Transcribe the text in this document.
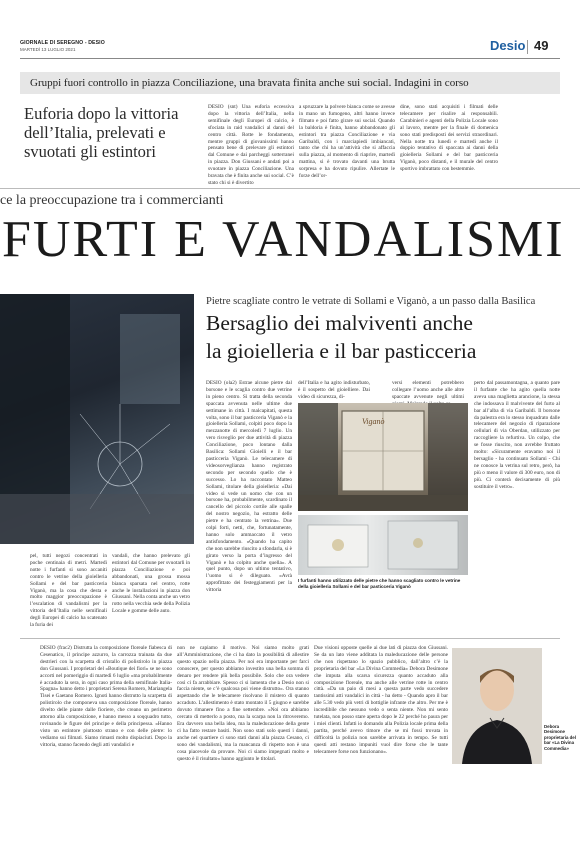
GIORNALE DI SEREGNO - DESIO
MARTEDÌ 13 LUGLIO 2021	Desio 49
Gruppi fuori controllo in piazza Conciliazione, una bravata finita anche sui social. Indagini in corso
Euforia dopo la vittoria dell’Italia, prelevati e svuotati gli estintori
DESIO (snt) Una euforia eccessiva dopo la vittoria dell’Italia, nella semifinale degli Europei di calcio, è sfociata in raid vandalici al danni del centro città. Rotte le fondamenta, mentre gruppi di giovanissimi hanno pensato bene di prelevare gli estintori dal Comune e dai parcheggi sotterranei in piazza. Don Giussani e andati poi a svuotare in piazza Conciliazione. Una bravata che è finita anche sui social. C’è stato chi si è divertito
a spruzzare la polvere bianca come se avesse in mano un fumogeno, altri hanno invece filmato e poi fatto girare sui social. Quando la baldoria è finita, hanno abbandonato gli estintori tra piazza Conciliazione e via Garibaldi, con i marciapiedi imbiancati, tanto che chi ha un’attività che si affaccia sulla piazza, al momento di riaprire, martedì mattina, si è trovato davanti una brutta sorpresa e ha dovuto ripulire. Allertate le forze dell’or-
dine, sono stati acquisiti i filmati delle telecamere per risalire ai responsabili. Carabinieri e agenti della Polizia Locale sono al lavoro, mentre per la finale di domenica sono stati predisposti dei servizi straordinari. Nella notte tra lunedì e martedì anche il doppio tentativo di spaccata ai danni della gioielleria Sollami e del bar pasticceria Viganò, poco distanti, e il murale del centro sportivo imbrattato con bestemmie.
ce la preoccupazione tra i commercianti
FURTI E VANDALISMI
pel, tutti negozi concentrati in poche centinaia di metri. Martedì notte i furfanti si sono accaniti contro le vetrine della gioielleria Sollami e del bar pasticceria Viganò, ma la cosa che desta e molto maggior preoccupazione è l’escalation di vandalismi per la vittoria dell’Italia nelle semifinali degli Europei di calcio ha scatenato la furia dei
vandali, che hanno prelevato gli estintori dal Comune per svuotarli in piazza Conciliazione e poi abbandonati, una grossa mossa bianca sparsata nel centro, rotte anche le installazioni in piazza don Giussani. Nella conta anche un vetro rotto nella vecchia sede della Polizia Locale e gomme delle auto.
Pietre scagliate contro le vetrate di Sollami e Viganò, a un passo dalla Basilica
Bersaglio dei malviventi anche
la gioielleria e il bar pasticceria
DESIO (ola2) Estrae alcune pietre dal borsone e le scaglia contro due vetrine in pieno centro. Si tratta della seconda spaccata avvenuta nelle ultime due settimane in città. I malcapitati, questa volta, sono il bar pasticceria Viganò e la gioielleria Sollami, colpiti poco dopo la mezzanotte di mercoledì 7 luglio. Un vero risveglio per due attività di piazza Conciliazione, poco lontano dalla Basilica: Sollami Gioielli e il bar pasticceria Viganò. Le telecamere di videosorveglianza hanno registrato secondo per secondo quello che è successo. Lo ha raccontato Matteo Sollami, titolare della gioielleria: «Dai video si vede un uomo che con un borsone ha, probabilmente, scardinato il cancello del piccolo cortile alle spalle del nostro negozio, ha estratto delle pietre e ha centrato la vetrina». Due colpi forti, netti, che, fortunatamente, hanno solo ammaccato il vetro antisfondamento. «Quando ha capito che non sarebbe riuscito a sfondarla, si è girato verso la porta d’ingresso del Viganò e ha colpito anche quella». A quel punto, dopo un ultimo tentativo, l’uomo si è dileguato. «Avrà approfittato dei festeggiamenti per la vittoria
dell’Italia e ha agito indisturbato, è il sospetto del gioielliere. Dai video di sicurezza, di-
versi elementi potrebbero collegare l’uomo anche alle altre spaccate avvenute negli ultimi
perto dal passamontagna, a quanto pare il furfante che ha agito quella notte aveva una maglietta arancione, la stessa che indossava il malvivente del furto al bar all’alba di via Garibaldi. Il borsone da palestra era lo stesso inquadrato dalle telecamere del negozio di riparazione cellulari di via Oberdan, utilizzato per raccogliere la refurtiva. Un colpo, che se fosse riuscito, non avrebbe fruttato molto: «Sicuramente eravamo noi il bersaglio - ha continuato Sollami - Chi ne conosce la vetrina sul retro, però, ha più o meno il valore di 300 euro, non di più. Ci conterà decisamente di più sostituire il vetro».
Viganò
I furfanti hanno utilizzato delle pietre che hanno scagliato contro le vetrine della gioielleria Sollami e del bar pasticceria Viganò
DESIO (frac2) Distrutta la composizione floreale fiabesca di Cesenatico, il principe azzurro, la carrozza trainata da due destrieri con la scarpetta di cristallo di polistirolo in piazza don Giussani. I proprietari del «Boutique dei fiori» se ne sono accorti nel pomeriggio di martedì 6 luglio «ma probabilmente è accaduto la sera, in ogni caso prima della semifinale Italia-Spagna» hanno detto i proprietari Serena Romero, Mariangela Tisei e Gaetano Romero. Ignoti hanno distrutto la scarpetta di polistirolo che componeva una composizione floreale, hanno divelto delle piante dalle fioriere, che creano un perimetro attorno alla composizione, e hanno messo a soqquadro tutto, rovinando le figure del principe e della principessa. «Hanno visto un estintore piuttosto strano e con delle pietre: lo vediamo sui filmati. Siamo rimasti molto dispiaciuti. Dopo la vittoria, stanno facendo degli atti vandalici e
non ne capiamo il motivo. Noi siamo molto grati all’Amministrazione, che ci ha dato la possibilità di allestire questo spazio nella piazza. Per noi era importante per farci conoscere, per questo abbiamo investito una bella somma di denaro per rendere più bella possibile. Solo che ora vedere così ci fa arrabbiare. Spesso ci si lamenta che a Desio non si faccia niente, se c’è qualcosa poi viene distrutto». Ora stanno aspettando che le telecamere risolvano il mistero di quanto accaduto. L’allestimento è stato montato il 5 giugno e sarebbe dovuto rimanere fino a fine settembre. «Noi ora abbiamo cercato di metterlo a posto, ma la scarpa non la ritroveremo. Era davvero una bella idea, ma la maleducazione della gente ci ha fatto restare basiti. Non sono stati solo questi i danni, anche nel quartiere ci sono stati danni alla piazza Cesano, ci sono dei vandalismi, ma la mancanza di rispetto non è una cosa piacevole da provare. Noi ci siamo impegnati molto e questo è il risultato» hanno aggiunto le titolari.
Due visioni opposte quelle ai due lati di piazza don Giussani. Se da un lato viene additata la maleducazione delle persone che non rispettano lo spazio pubblico, dall’altro c’è la proprietaria del bar «La Divina Commedia» Debora Desimone che imputa alla scarsa sicurezza quanto accaduto alla composizione floreale, ma anche alle vetrine rotte in centro città. «Da un paio di mesi a questa parte vedo succedere tantissimi atti vandalici in città - ha detto - Quando apro il bar alle 5.30 vedo più vetri di bottiglie infrante che altro. Per me è incredibile che nessuno vedo o senta niente. Non mi sento tutelata, non posso stare aperta dopo le 22 perché ho paura per i miei clienti. Infatti io domando alla Polizia locale prima della partita, perché avevo timore che se mi fossi trovata in difficoltà la polizia non sarebbe arrivata in tempo. Se tutti questi atti restano impuniti vuol dire forse che le tante telecamere forse non funzionano».
Debora Desimone proprietaria del bar «La Divina Commedia»
